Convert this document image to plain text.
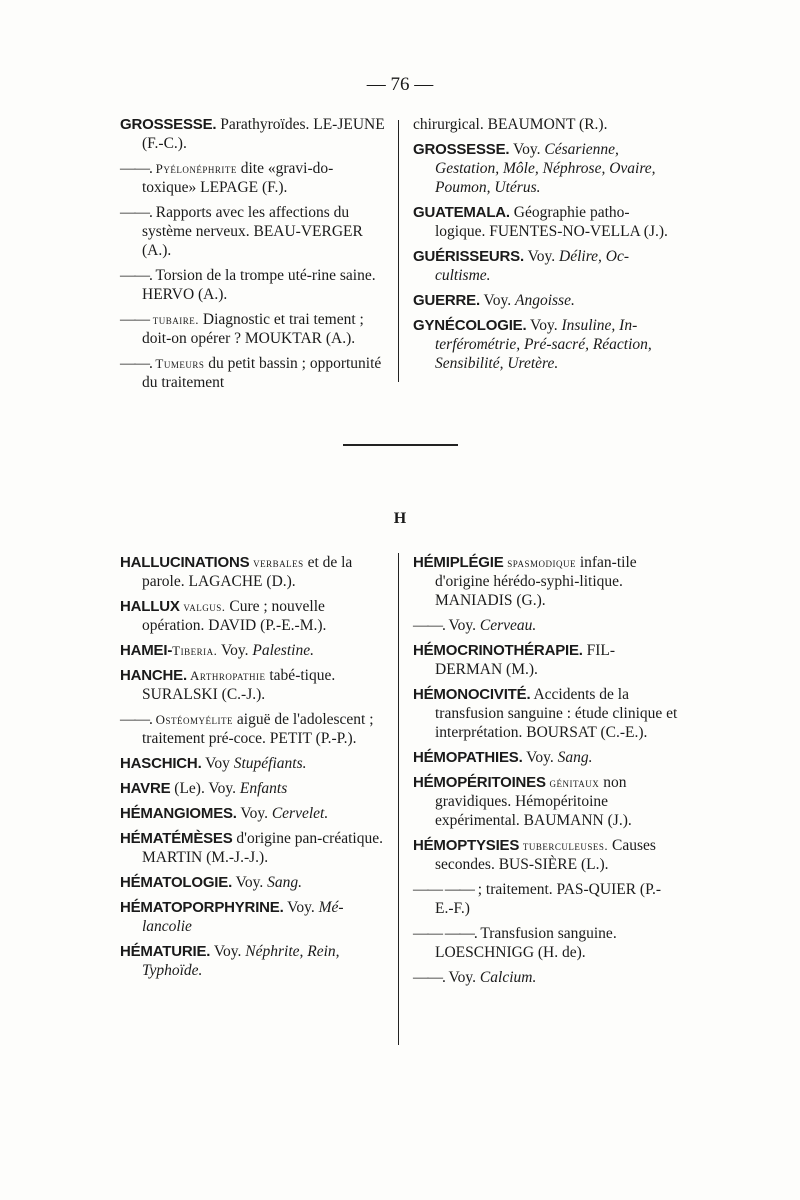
— 76 —
GROSSESSE. Parathyroïdes. LE-JEUNE (F.-C.).
——. Pyélonéphrite dite «gravi-do-toxique» LEPAGE (F.).
——. Rapports avec les affections du système nerveux. BEAU-VERGER (A.).
——. Torsion de la trompe uté-rine saine. HERVO (A.).
—— tubaire. Diagnostic et trai tement ; doit-on opérer ? MOUKTAR (A.).
——. Tumeurs du petit bassin ; opportunité du traitement
chirurgical. BEAUMONT (R.).
GROSSESSE. Voy. Césarienne, Gestation, Môle, Néphrose, Ovaire, Poumon, Utérus.
GUATEMALA. Géographie patho-logique. FUENTES-NO-VELLA (J.).
GUÉRISSEURS. Voy. Délire, Oc-cultisme.
GUERRE. Voy. Angoisse.
GYNÉCOLOGIE. Voy. Insuline, In-terférométrie, Pré-sacré, Réaction, Sensibilité, Uretère.
H
HALLUCINATIONS verbales et de la parole. LAGACHE (D.).
HALLUX valgus. Cure ; nouvelle opération. DAVID (P.-E.-M.).
HAMEI-Tiberia. Voy. Palestine.
HANCHE. Arthropathie tabé-tique. SURALSKI (C.-J.).
——. Ostéomyélite aiguë de l'adolescent ; traitement pré-coce. PETIT (P.-P.).
HASCHICH. Voy Stupéfiants.
HAVRE (Le). Voy. Enfants
HÉMANGIOMES. Voy. Cervelet.
HÉMATÉMÈSES d'origine pan-créatique. MARTIN (M.-J.-J.).
HÉMATOLOGIE. Voy. Sang.
HÉMATOPORPHYRINE. Voy. Mé-lancolie
HÉMATURIE. Voy. Néphrite, Rein, Typhoïde.
HÉMIPLÉGIE spasmodique infan-tile d'origine hérédo-syphi-litique. MANIADIS (G.).
——. Voy. Cerveau.
HÉMOCRINOTHÉRAPIE. FIL-DERMAN (M.).
HÉMONOCIVITÉ. Accidents de la transfusion sanguine : étude clinique et interprétation. BOURSAT (C.-E.).
HÉMOPATHIES. Voy. Sang.
HÉMOPÉRITOINES génitaux non gravidiques. Hémopéritoine expérimental. BAUMANN (J.).
HÉMOPTYSIES tuberculeuses. Causes secondes. BUS-SIÈRE (L.).
—— —— ; traitement. PAS-QUIER (P.-E.-F.)
—— ——. Transfusion sanguine. LOESCHNIGG (H. de).
——. Voy. Calcium.
